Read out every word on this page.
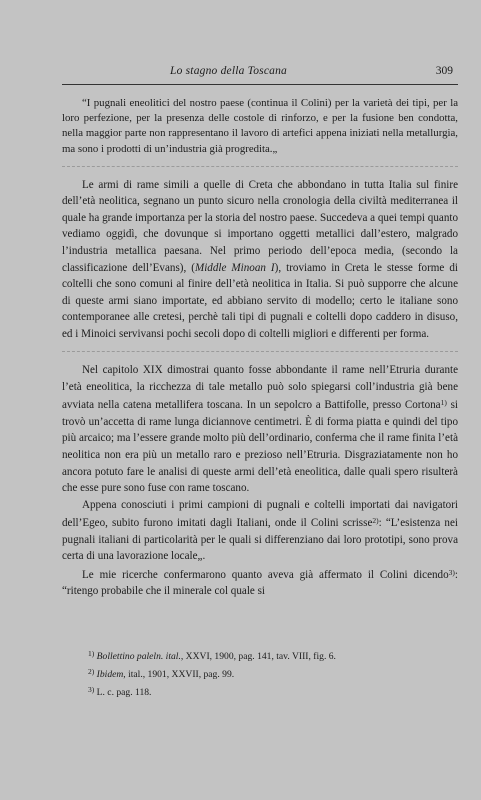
Lo stagno della Toscana	309

“I pugnali eneolitici del nostro paese (continua il Colini) per la varietà dei tipi, per la loro perfezione, per la presenza delle costole di rinforzo, e per la fusione ben condotta, nella maggior parte non rappresentano il lavoro di artefici appena iniziati nella metallurgia, ma sono i prodotti di un’industria già progredita.„

Le armi di rame simili a quelle di Creta che abbondano in tutta Italia sul finire dell’età neolitica, segnano un punto sicuro nella cronologia della civiltà mediterranea il quale ha grande importanza per la storia del nostro paese. Succedeva a quei tempi quanto vediamo oggidì, che dovunque si importano oggetti metallici dall’estero, malgrado l’industria metallica paesana. Nel primo periodo dell’epoca media, (secondo la classificazione dell’Evans), (Middle Minoan I), troviamo in Creta le stesse forme di coltelli che sono comuni al finire dell’età neolitica in Italia. Si può supporre che alcune di queste armi siano importate, ed abbiano servito di modello; certo le italiane sono contemporanee alle cretesi, perchè tali tipi di pugnali e coltelli dopo caddero in disuso, ed i Minoici servivansi pochi secoli dopo di coltelli migliori e differenti per forma.

Nel capitolo XIX dimostrai quanto fosse abbondante il rame nell’Etruria durante l’età eneolitica, la ricchezza di tale metallo può solo spiegarsi coll’industria già bene avviata nella catena metallifera toscana. In un sepolcro a Battifolle, presso Cortona$^{1)}$ si trovò un’accetta di rame lunga diciannove centimetri. È di forma piatta e quindi del tipo più arcaico; ma l’essere grande molto più dell’ordinario, conferma che il rame finita l’età neolitica non era più un metallo raro e prezioso nell’Etruria. Disgraziatamente non ho ancora potuto fare le analisi di queste armi dell’età eneolitica, dalle quali spero risulterà che esse pure sono fuse con rame toscano.

Appena conosciuti i primi campioni di pugnali e coltelli importati dai navigatori dell’Egeo, subito furono imitati dagli Italiani, onde il Colini scrisse$^{2)}$: “L’esistenza nei pugnali italiani di particolarità per le quali si differenziano dai loro prototipi, sono prova certa di una lavorazione locale„.

Le mie ricerche confermarono quanto aveva già affermato il Colini dicendo$^{3)}$: “ritengo probabile che il minerale col quale si

$^{1)}$ Bollettino paleln. ital., XXVI, 1900, pag. 141, tav. VIII, fig. 6.
$^{2)}$ Ibidem, ital., 1901, XXVII, pag. 99.
$^{3)}$ L. c. pag. 118.
